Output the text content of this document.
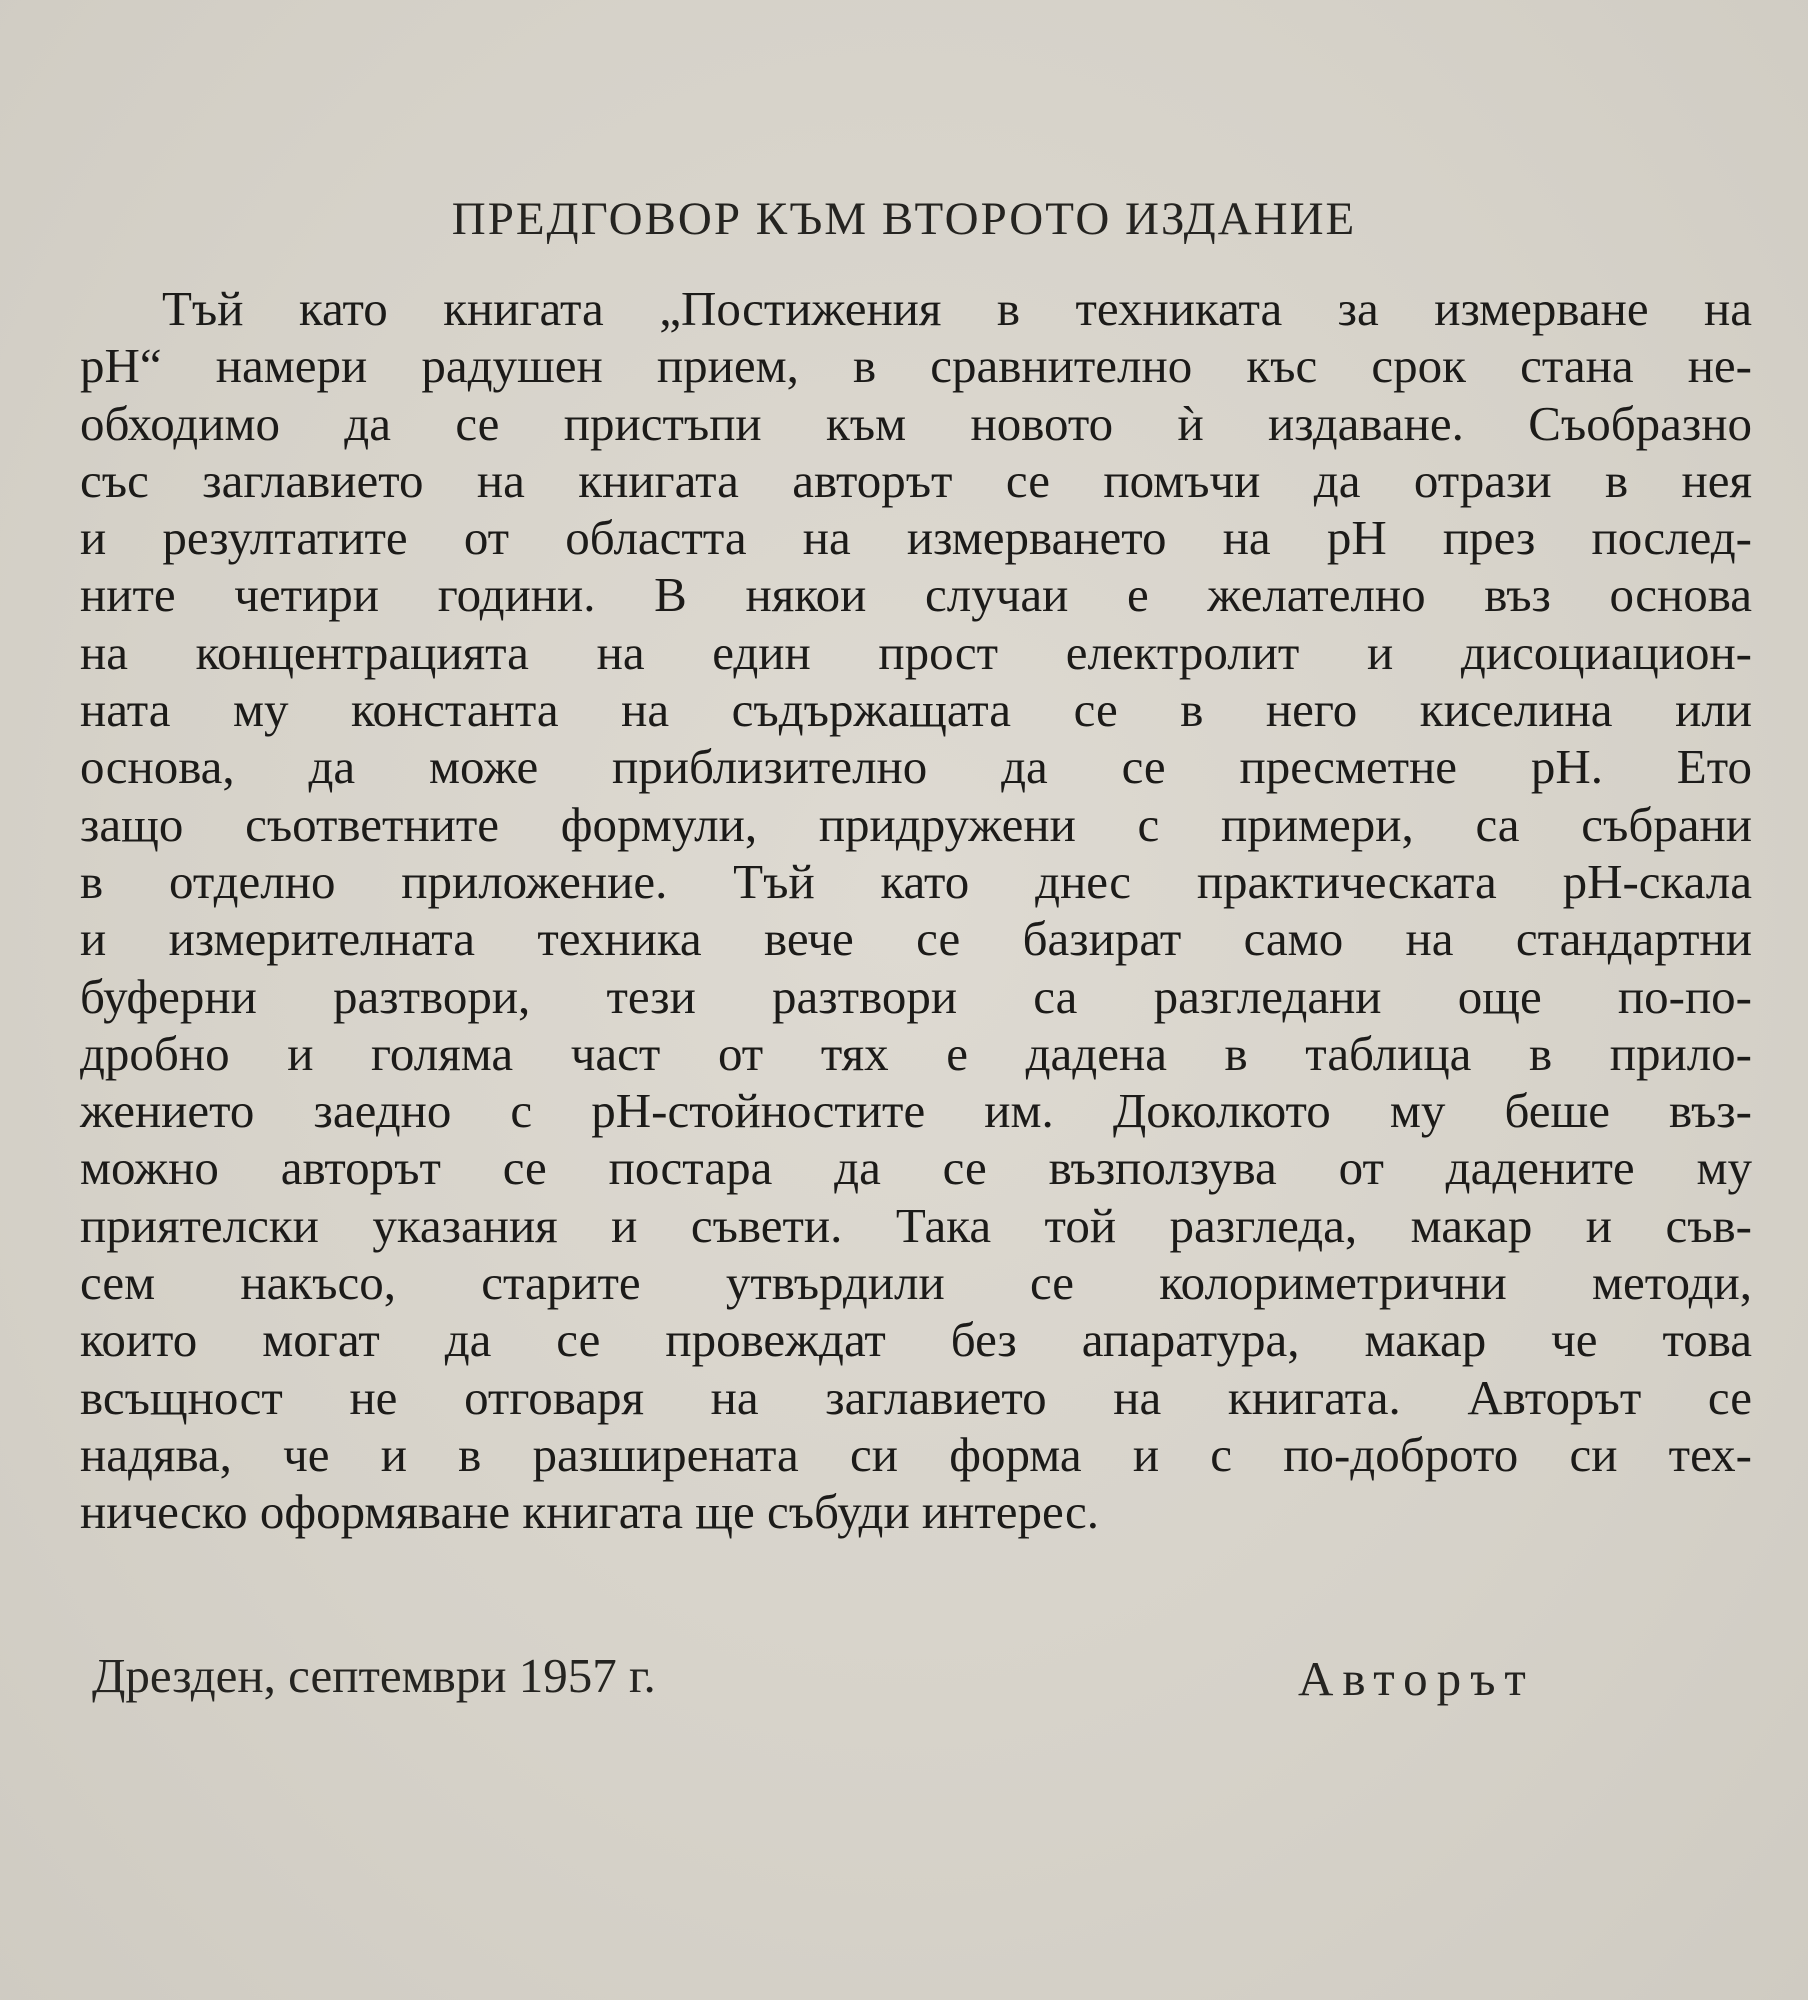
ПРЕДГОВОР КЪМ ВТОРОТО ИЗДАНИЕ
Тъй като книгата „Постижения в техниката за измерване на
pH“ намери радушен прием, в сравнително къс срок стана не-
обходимо да се пристъпи към новото ѝ издаване. Съобразно
със заглавието на книгата авторът се помъчи да отрази в нея
и резултатите от областта на измерването на pH през послед-
ните четири години. В някои случаи е желателно въз основа
на концентрацията на един прост електролит и дисоциацион-
ната му константа на съдържащата се в него киселина или
основа, да може приблизително да се пресметне pH. Ето
защо съответните формули, придружени с примери, са събрани
в отделно приложение. Тъй като днес практическата pH-скала
и измерителната техника вече се базират само на стандартни
буферни разтвори, тези разтвори са разгледани още по-по-
дробно и голяма част от тях е дадена в таблица в прило-
жението заедно с pH-стойностите им. Доколкото му беше въз-
можно авторът се постара да се възползува от дадените му
приятелски указания и съвети. Така той разгледа, макар и съв-
сем накъсо, старите утвърдили се колориметрични методи,
които могат да се провеждат без апаратура, макар че това
всъщност не отговаря на заглавието на книгата. Авторът се
надява, че и в разширената си форма и с по-доброто си тех-
ническо оформяване книгата ще събуди интерес.
Дрезден, септември 1957 г.	Авторът
